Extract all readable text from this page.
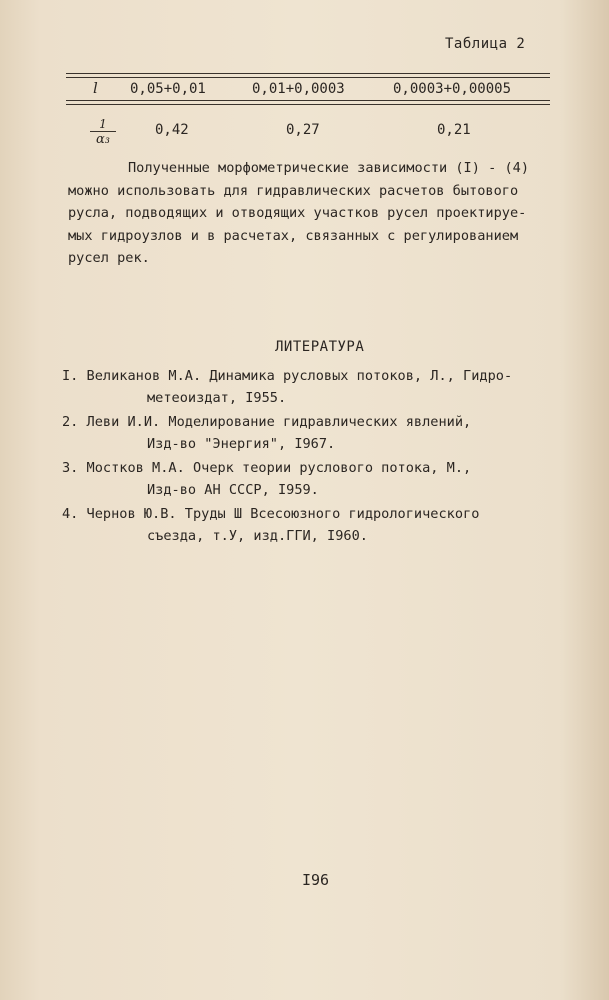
Таблица 2
l 0,05+0,01	0,01+0,0003	0,0003+0,00005
$\frac{1}{\text{α₃}}$	0,42	0,27	0,21
Полученные морфометрические зависимости (I) - (4)
можно использовать для гидравлических расчетов бытового
русла, подводящих и отводящих участков русел проектируе-
мых гидроузлов и в расчетах, связанных с регулированием
русел рек.
ЛИТЕРАТУРА
I. Великанов М.А. Динамика русловых потоков, Л., Гидро-
метеоиздат, I955.
2. Леви И.И. Моделирование гидравлических явлений,
Изд-во "Энергия", I967.
3. Мостков М.А. Очерк теории руслового потока, М.,
Изд-во АН СССР, I959.
4. Чернов Ю.В. Труды Ш Всесоюзного гидрологического
съезда, т.У, изд.ГГИ, I960.
I96
